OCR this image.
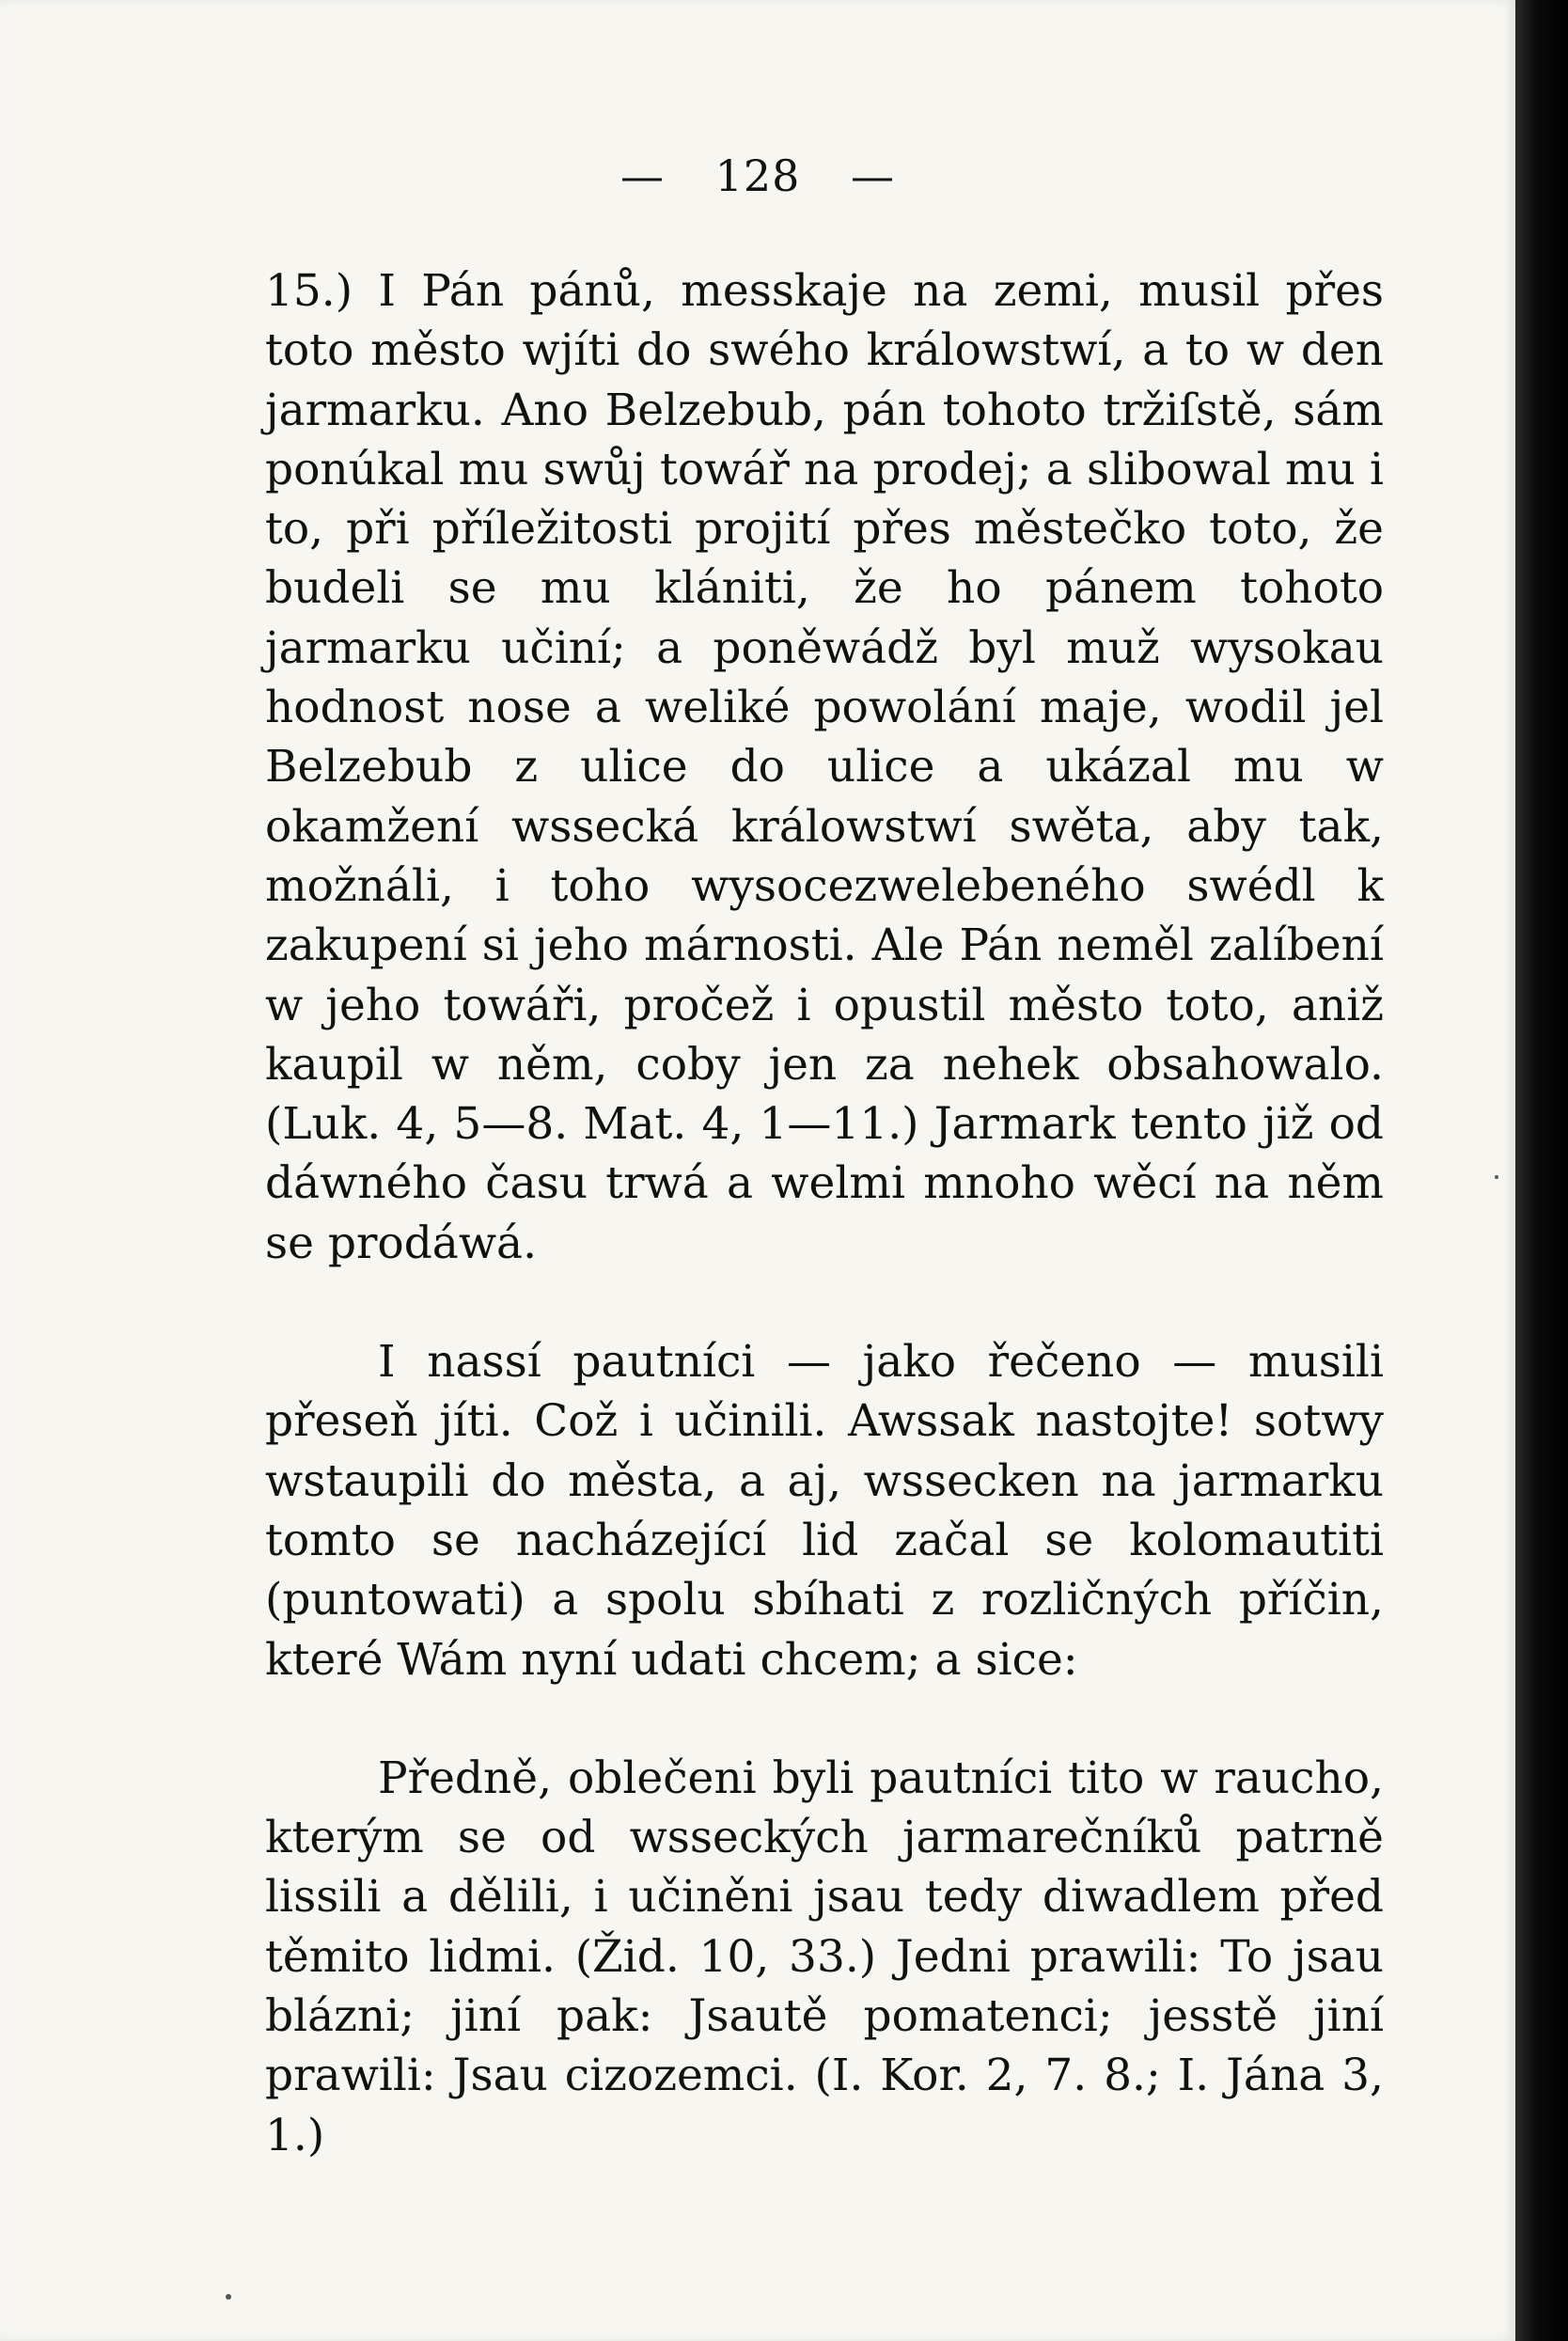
— 128 —

15.) I Pán pánů, messkaje na zemi, musil přes toto město wjíti do swého králowstwí, a to w den jarmarku. Ano Belzebub, pán tohoto tržiſstě, sám ponúkal mu swůj towář na prodej; a slibowal mu i to, při příležitosti projití přes městečko toto, že budeli se mu klániti, že ho pánem tohoto jarmarku učiní; a poněwádž byl muž wysokau hodnost nose a weliké powolání maje, wodil jel Belzebub z ulice do ulice a ukázal mu w okamžení wssecká králowstwí swěta, aby tak, možnáli, i toho wysocezwelebeného swédl k zakupení si jeho márnosti. Ale Pán neměl zalíbení w jeho towáři, pročež i opustil město toto, aniž kaupil w něm, coby jen za nehek obsahowalo. (Luk. 4, 5—8. Mat. 4, 1—11.) Jarmark tento již od dáwného času trwá a welmi mnoho wěcí na něm se prodáwá.

I nassí pautníci — jako řečeno — musili přeseň jíti. Což i učinili. Awssak nastojte! sotwy wstaupili do města, a aj, wssecken na jarmarku tomto se nacházející lid začal se kolomautiti (puntowati) a spolu sbíhati z rozličných příčin, které Wám nyní udati chcem; a sice:

Předně, oblečeni byli pautníci tito w raucho, kterým se od wsseckých jarmarečníků patrně lissili a dělili, i učiněni jsau tedy diwadlem před těmito lidmi. (Žid. 10, 33.) Jedni prawili: To jsau blázni; jiní pak: Jsautě pomatenci; jesstě jiní prawili: Jsau cizozemci. (I. Kor. 2, 7. 8.; I. Jána 3, 1.)
